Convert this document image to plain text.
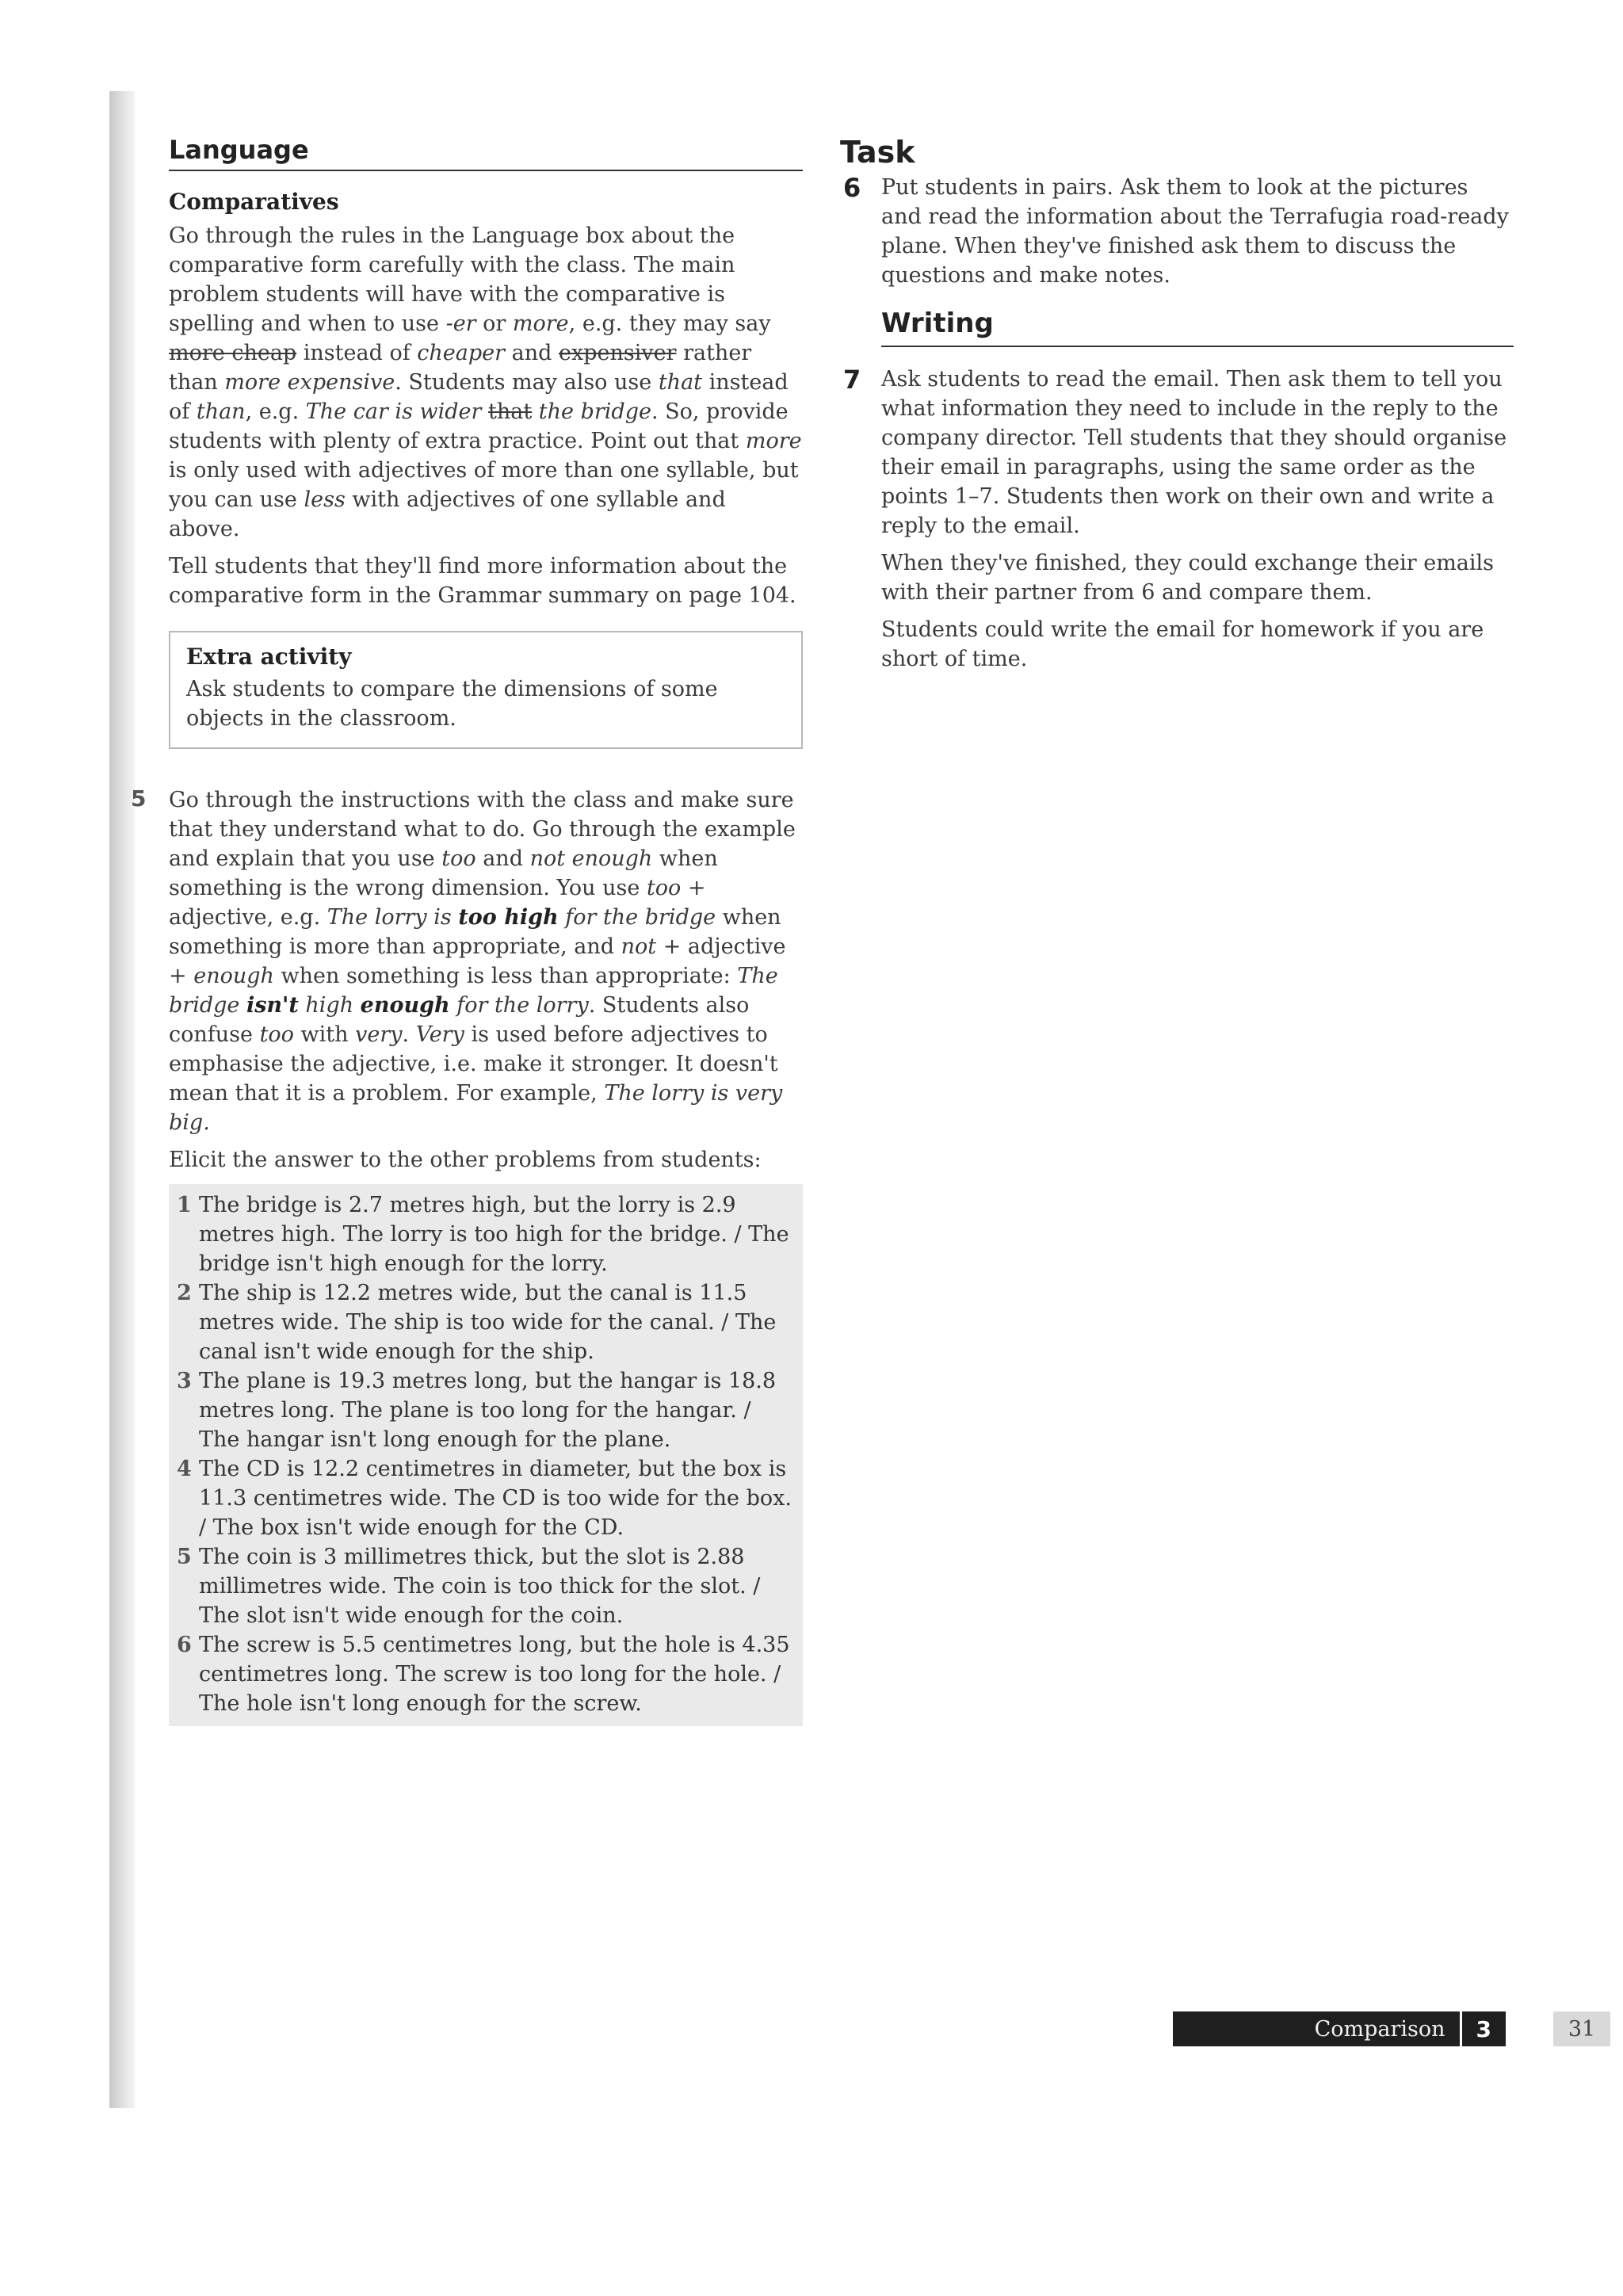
Language
Comparatives

Go through the rules in the Language box about the comparative form carefully with the class. The main problem students will have with the comparative is spelling and when to use -er or more, e.g. they may say more cheap instead of cheaper and expensiver rather than more expensive. Students may also use that instead of than, e.g. The car is wider that the bridge. So, provide students with plenty of extra practice. Point out that more is only used with adjectives of more than one syllable, but you can use less with adjectives of one syllable and above.

Tell students that they'll find more information about the comparative form in the Grammar summary on page 104.

Extra activity

Ask students to compare the dimensions of some objects in the classroom.

5 Go through the instructions with the class and make sure that they understand what to do. Go through the example and explain that you use too and not enough when something is the wrong dimension. You use too + adjective, e.g. The lorry is too high for the bridge when something is more than appropriate, and not + adjective + enough when something is less than appropriate: The bridge isn't high enough for the lorry. Students also confuse too with very. Very is used before adjectives to emphasise the adjective, i.e. make it stronger. It doesn't mean that it is a problem. For example, The lorry is very big.

Elicit the answer to the other problems from students:

1 The bridge is 2.7 metres high, but the lorry is 2.9 metres high. The lorry is too high for the bridge. / The bridge isn't high enough for the lorry.
2 The ship is 12.2 metres wide, but the canal is 11.5 metres wide. The ship is too wide for the canal. / The canal isn't wide enough for the ship.
3 The plane is 19.3 metres long, but the hangar is 18.8 metres long. The plane is too long for the hangar. / The hangar isn't long enough for the plane.
4 The CD is 12.2 centimetres in diameter, but the box is 11.3 centimetres wide. The CD is too wide for the box. / The box isn't wide enough for the CD.
5 The coin is 3 millimetres thick, but the slot is 2.88 millimetres wide. The coin is too thick for the slot. / The slot isn't wide enough for the coin.
6 The screw is 5.5 centimetres long, but the hole is 4.35 centimetres long. The screw is too long for the hole. / The hole isn't long enough for the screw.
Task
6 Put students in pairs. Ask them to look at the pictures and read the information about the Terrafugia road-ready plane. When they've finished ask them to discuss the questions and make notes.

Writing
7 Ask students to read the email. Then ask them to tell you what information they need to include in the reply to the company director. Tell students that they should organise their email in paragraphs, using the same order as the points 1–7. Students then work on their own and write a reply to the email.

When they've finished, they could exchange their emails with their partner from 6 and compare them.

Students could write the email for homework if you are short of time.

Comparison	3	31
